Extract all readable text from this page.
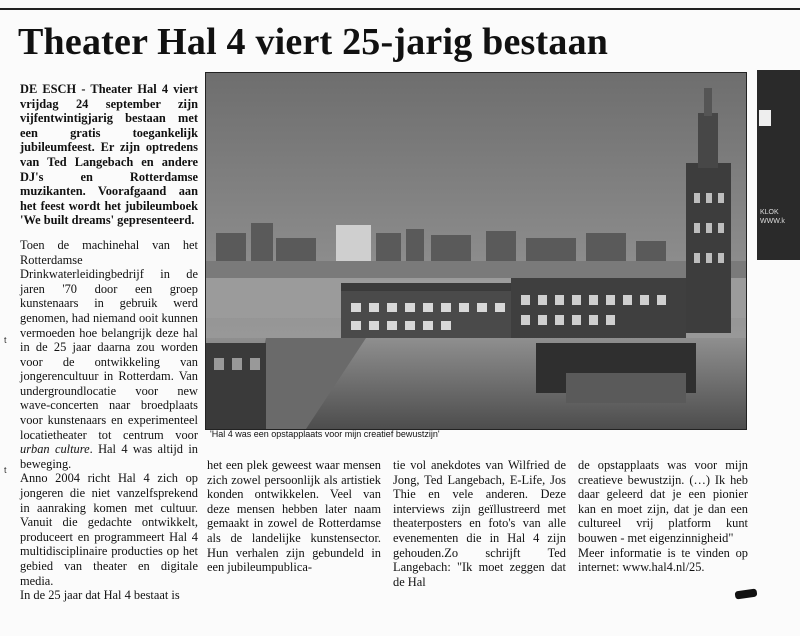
Theater Hal 4 viert 25-jarig bestaan

DE ESCH - Theater Hal 4 viert vrijdag 24 september zijn vijfentwintigjarig bestaan met een gratis toegankelijk jubileumfeest. Er zijn optredens van Ted Langebach en andere DJ's en Rotterdamse muzikanten. Voorafgaand aan het feest wordt het jubileumboek 'We built dreams' gepresenteerd.

Toen de machinehal van het Rotterdamse Drinkwaterleidingbedrijf in de jaren '70 door een groep kunstenaars in gebruik werd genomen, had niemand ooit kunnen vermoeden hoe belangrijk deze hal in de 25 jaar daarna zou worden voor de ontwikkeling van jongerencultuur in Rotterdam. Van undergroundlocatie voor new wave-concerten naar broedplaats voor kunstenaars en experimenteel locatietheater tot centrum voor urban culture. Hal 4 was altijd in beweging.

Anno 2004 richt Hal 4 zich op jongeren die niet vanzelfsprekend in aanraking komen met cultuur. Vanuit die gedachte ontwikkelt, produceert en programmeert Hal 4 multidisciplinaire producties op het gebied van theater en digitale media.

In de 25 jaar dat Hal 4 bestaat is

'Hal 4 was een opstapplaats voor mijn creatief bewustzijn'

het een plek geweest waar mensen zich zowel persoonlijk als artistiek konden ontwikkelen. Veel van deze mensen hebben later naam gemaakt in zowel de Rotterdamse als de landelijke kunstensector. Hun verhalen zijn gebundeld in een jubileumpublica-

tie vol anekdotes van Wilfried de Jong, Ted Langebach, E-Life, Jos Thie en vele anderen. Deze interviews zijn geïllustreerd met theaterposters en foto's van alle evenementen die in Hal 4 zijn gehouden.Zo schrijft Ted Langebach: "Ik moet zeggen dat de Hal

de opstapplaats was voor mijn creatieve bewustzijn. (…) Ik heb daar geleerd dat je een pionier kan en moet zijn, dat je dan een cultureel vrij platform kunt bouwen - met eigenzinnigheid"

Meer informatie is te vinden op internet: www.hal4.nl/25.

KLOK WWW.k
t
t
